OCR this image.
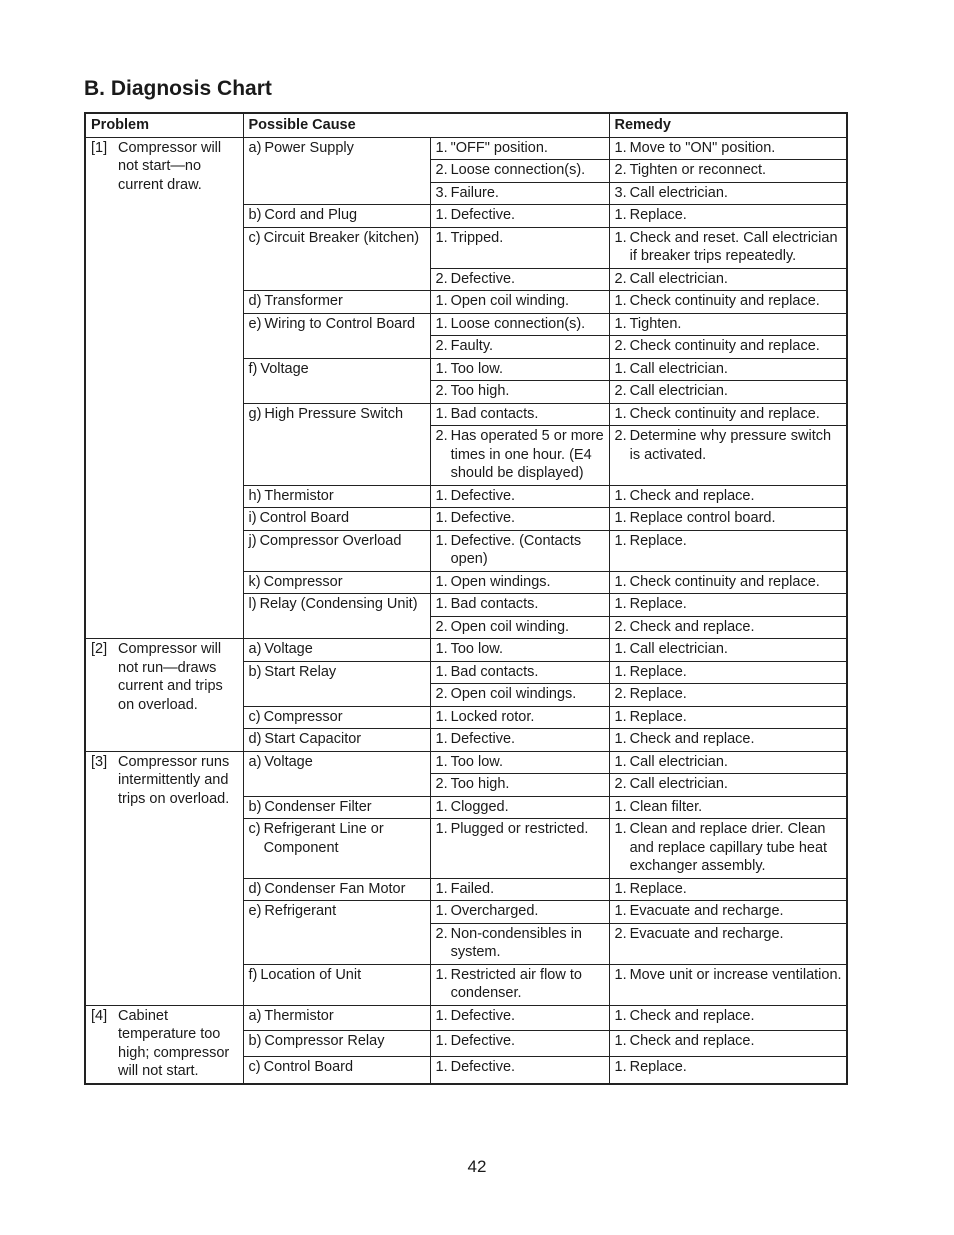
B. Diagnosis Chart
Problem	Possible Cause		Remedy

[1] Compressor will not start—no current draw.	a) Power Supply	1. "OFF" position.	1. Move to "ON" position.

		2. Loose connection(s).	2. Tighten or reconnect.

		3. Failure.	3. Call electrician.

	b) Cord and Plug	1. Defective.	1. Replace.

	c) Circuit Breaker (kitchen)	1. Tripped.	1. Check and reset. Call electrician if breaker trips repeatedly.

		2. Defective.	2. Call electrician.

	d) Transformer	1. Open coil winding.	1. Check continuity and replace.

	e) Wiring to Control Board	1. Loose connection(s).	1. Tighten.

		2. Faulty.	2. Check continuity and replace.

	f) Voltage	1. Too low.	1. Call electrician.

		2. Too high.	2. Call electrician.

	g) High Pressure Switch	1. Bad contacts.	1. Check continuity and replace.

		2. Has operated 5 or more times in one hour. (E4 should be displayed)	2. Determine why pressure switch is activated.

	h) Thermistor	1. Defective.	1. Check and replace.

	i) Control Board	1. Defective.	1. Replace control board.

	j) Compressor Overload	1. Defective. (Contacts open)	1. Replace.

	k) Compressor	1. Open windings.	1. Check continuity and replace.

	l) Relay (Condensing Unit)	1. Bad contacts.	1. Replace.

		2. Open coil winding.	2. Check and replace.

[2] Compressor will not run—draws current and trips on overload.	a) Voltage	1. Too low.	1. Call electrician.

	b) Start Relay	1. Bad contacts.	1. Replace.

		2. Open coil windings.	2. Replace.

	c) Compressor	1. Locked rotor.	1. Replace.

	d) Start Capacitor	1. Defective.	1. Check and replace.

[3] Compressor runs intermittently and trips on overload.	a) Voltage	1. Too low.	1. Call electrician.

		2. Too high.	2. Call electrician.

	b) Condenser Filter	1. Clogged.	1. Clean filter.

	c) Refrigerant Line or Component	1. Plugged or restricted.	1. Clean and replace drier. Clean and replace capillary tube heat exchanger assembly.

	d) Condenser Fan Motor	1. Failed.	1. Replace.

	e) Refrigerant	1. Overcharged.	1. Evacuate and recharge.

		2. Non-condensibles in system.	2. Evacuate and recharge.

	f) Location of Unit	1. Restricted air flow to condenser.	1. Move unit or increase ventilation.

[4] Cabinet temperature too high; compressor will not start.	a) Thermistor	1. Defective.	1. Check and replace.

	b) Compressor Relay	1. Defective.	1. Check and replace.

	c) Control Board	1. Defective.	1. Replace.
42
